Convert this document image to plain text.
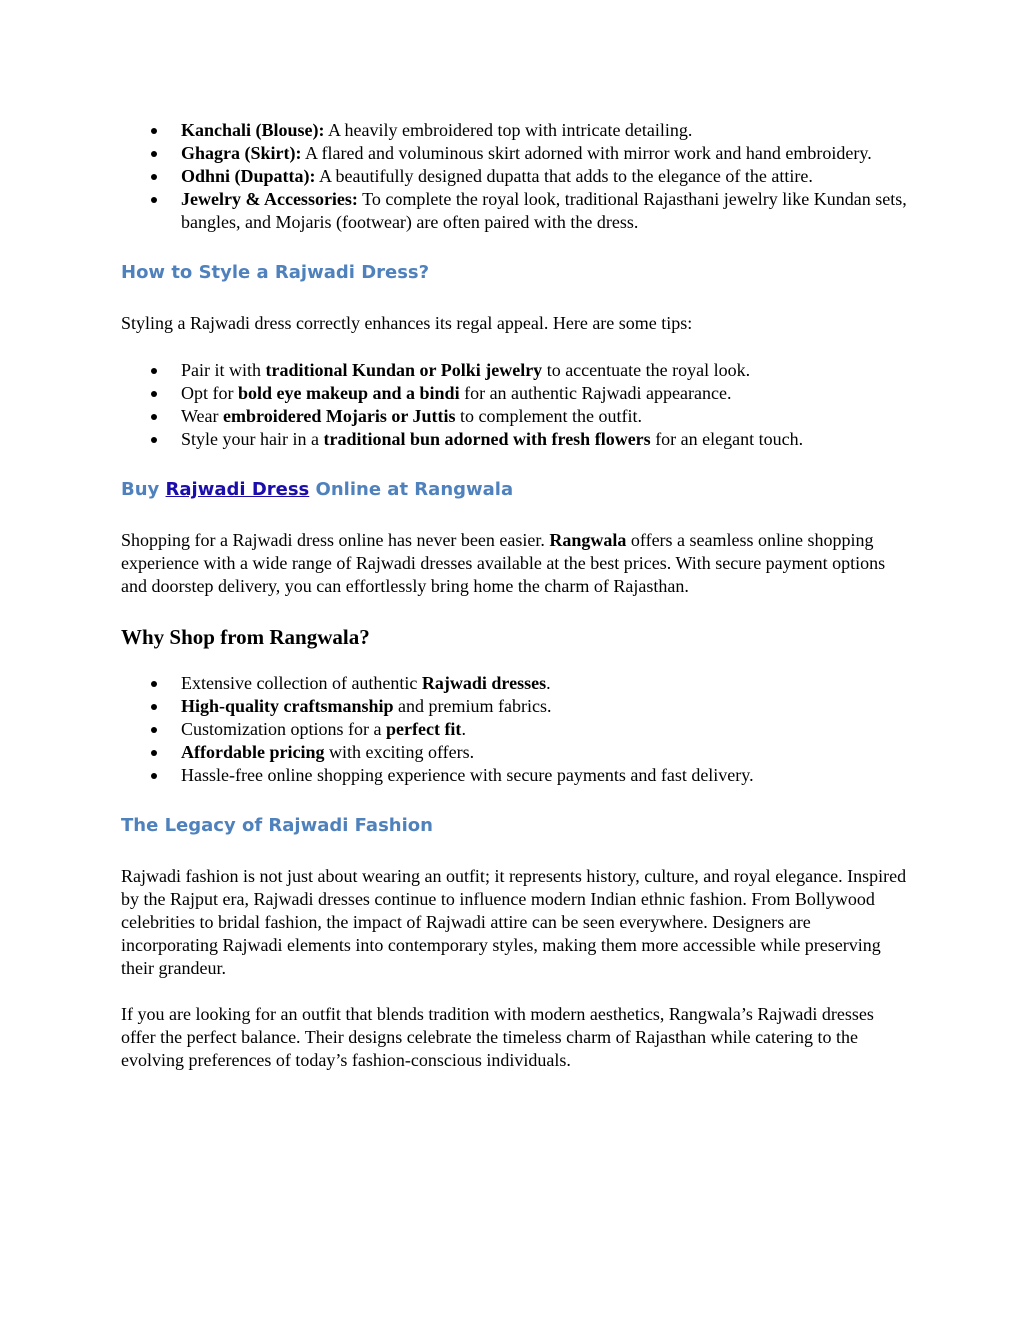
Kanchali (Blouse): A heavily embroidered top with intricate detailing.
Ghagra (Skirt): A flared and voluminous skirt adorned with mirror work and hand embroidery.
Odhni (Dupatta): A beautifully designed dupatta that adds to the elegance of the attire.
Jewelry & Accessories: To complete the royal look, traditional Rajasthani jewelry like Kundan sets, bangles, and Mojaris (footwear) are often paired with the dress.
How to Style a Rajwadi Dress?

Styling a Rajwadi dress correctly enhances its regal appeal. Here are some tips:

Pair it with traditional Kundan or Polki jewelry to accentuate the royal look.
Opt for bold eye makeup and a bindi for an authentic Rajwadi appearance.
Wear embroidered Mojaris or Juttis to complement the outfit.
Style your hair in a traditional bun adorned with fresh flowers for an elegant touch.
Buy Rajwadi Dress Online at Rangwala

Shopping for a Rajwadi dress online has never been easier. Rangwala offers a seamless online shopping experience with a wide range of Rajwadi dresses available at the best prices. With secure payment options and doorstep delivery, you can effortlessly bring home the charm of Rajasthan.

Why Shop from Rangwala?
Extensive collection of authentic Rajwadi dresses.
High-quality craftsmanship and premium fabrics.
Customization options for a perfect fit.
Affordable pricing with exciting offers.
Hassle-free online shopping experience with secure payments and fast delivery.
The Legacy of Rajwadi Fashion

Rajwadi fashion is not just about wearing an outfit; it represents history, culture, and royal elegance. Inspired by the Rajput era, Rajwadi dresses continue to influence modern Indian ethnic fashion. From Bollywood celebrities to bridal fashion, the impact of Rajwadi attire can be seen everywhere. Designers are incorporating Rajwadi elements into contemporary styles, making them more accessible while preserving their grandeur.

If you are looking for an outfit that blends tradition with modern aesthetics, Rangwala’s Rajwadi dresses offer the perfect balance. Their designs celebrate the timeless charm of Rajasthan while catering to the evolving preferences of today’s fashion-conscious individuals.
